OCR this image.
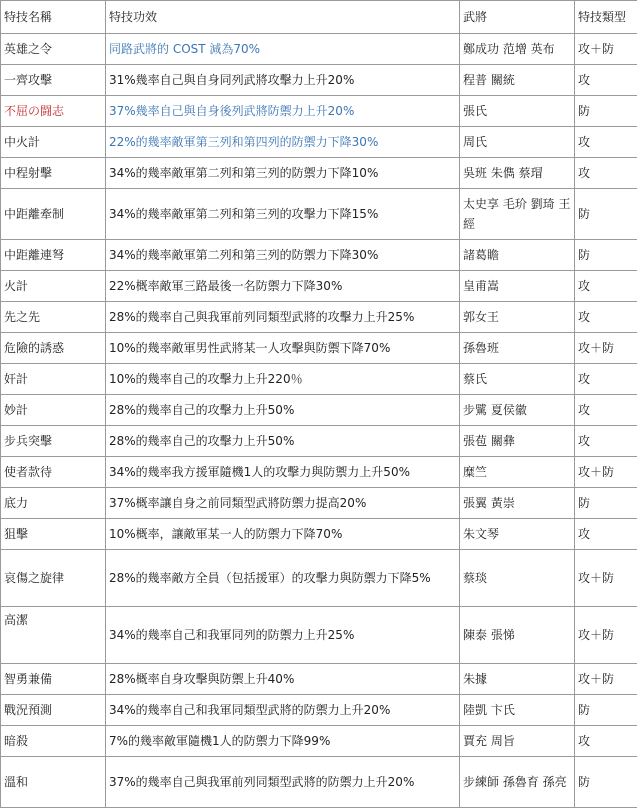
特技名稱	特技功效	武將	特技類型
英雄之令	同路武將的 COST 減為70%	鄭成功 范增 英布	攻＋防
一齊攻擊	31%幾率自己與自身同列武將攻擊力上升20%	程普 關統	攻
不屈の闘志	37%幾率自己與自身後列武將防禦力上升20%	張氏	防
中火計	22%的幾率敵軍第三列和第四列的防禦力下降30%	周氏	攻
中程射擊	34%的幾率敵軍第二列和第三列的防禦力下降10%	吳班 朱儁 蔡瑁	攻
中距離牽制	34%的幾率敵軍第二列和第三列的攻擊力下降15%	太史享 毛玠 劉琦 王經	防
中距離連弩	34%的幾率敵軍第二列和第三列的防禦力下降30%	諸葛瞻	防
火計	22%概率敵軍三路最後一名防禦力下降30%	皇甫嵩	攻
先之先	28%的幾率自己與我軍前列同類型武將的攻擊力上升25%	郭女王	攻
危險的誘惑	10%的幾率敵軍男性武將某一人攻擊與防禦下降70%	孫魯班	攻＋防
奸計	10%的幾率自己的攻擊力上升220％	蔡氏	攻
妙計	28%的幾率自己的攻擊力上升50%	步騭 夏侯徽	攻
步兵突擊	28%的幾率自己的攻擊力上升50%	張苞 關彝	攻
使者款待	34%的幾率我方援軍隨機1人的攻擊力與防禦力上升50%	糜竺	攻＋防
底力	37%概率讓自身之前同類型武將防禦力提高20%	張翼 黃崇	防
狙擊	10%概率，讓敵軍某一人的防禦力下降70%	朱文琴	攻
哀傷之旋律	28%的幾率敵方全員（包括援軍）的攻擊力與防禦力下降5%	蔡琰	攻＋防
高潔	34%的幾率自己和我軍同列的防禦力上升25%	陳泰 張悌	攻＋防
智勇兼備	28%概率自身攻擊與防禦上升40%	朱據	攻＋防
戰況預測	34%的幾率自己和我軍同類型武將的防禦力上升20%	陸凱 卞氏	防
暗殺	7%的幾率敵軍隨機1人的防禦力下降99%	賈充 周旨	攻
溫和	37%的幾率自己與我軍前列同類型武將的防禦力上升20%	步練師 孫魯育 孫亮	防
